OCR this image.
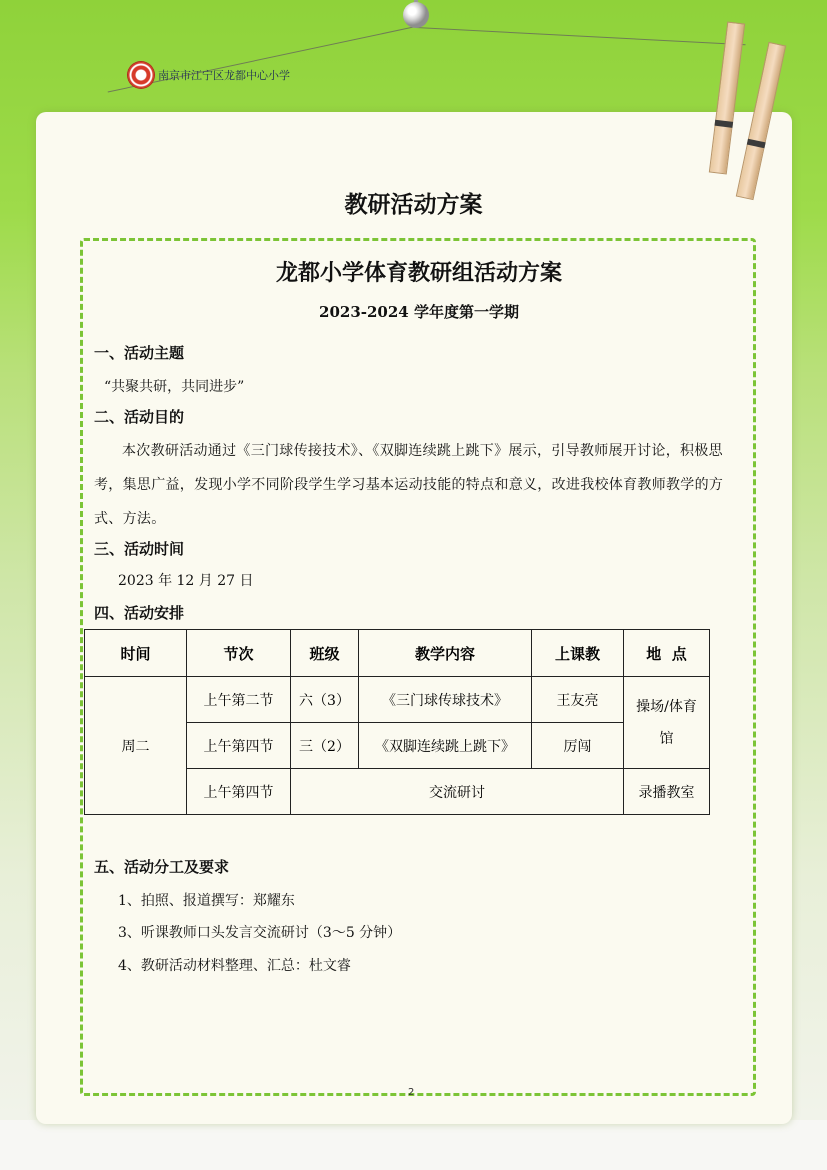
南京市江宁区龙都中心小学
教研活动方案
龙都小学体育教研组活动方案
2023-2024 学年度第一学期
一、活动主题
“共聚共研，共同进步”
二、活动目的
本次教研活动通过《三门球传接技术》、《双脚连续跳上跳下》展示，引导教师展开讨论，积极思考，集思广益，发现小学不同阶段学生学习基本运动技能的特点和意义，改进我校体育教师教学的方式、方法。
三、活动时间
2023 年 12 月 27 日
四、活动安排
五、活动分工及要求
1、拍照、报道撰写：郑耀东
3、听课教师口头发言交流研讨（3～5 分钟）
4、教研活动材料整理、汇总：杜文睿
时间	节次	班级	教学内容	上课教	地  点
周二	上午第二节	六（3）	《三门球传球技术》	王友亮	操场/体育馆
	上午第四节	三（2）	《双脚连续跳上跳下》	厉闯	
	上午第四节	交流研讨			录播教室
2
